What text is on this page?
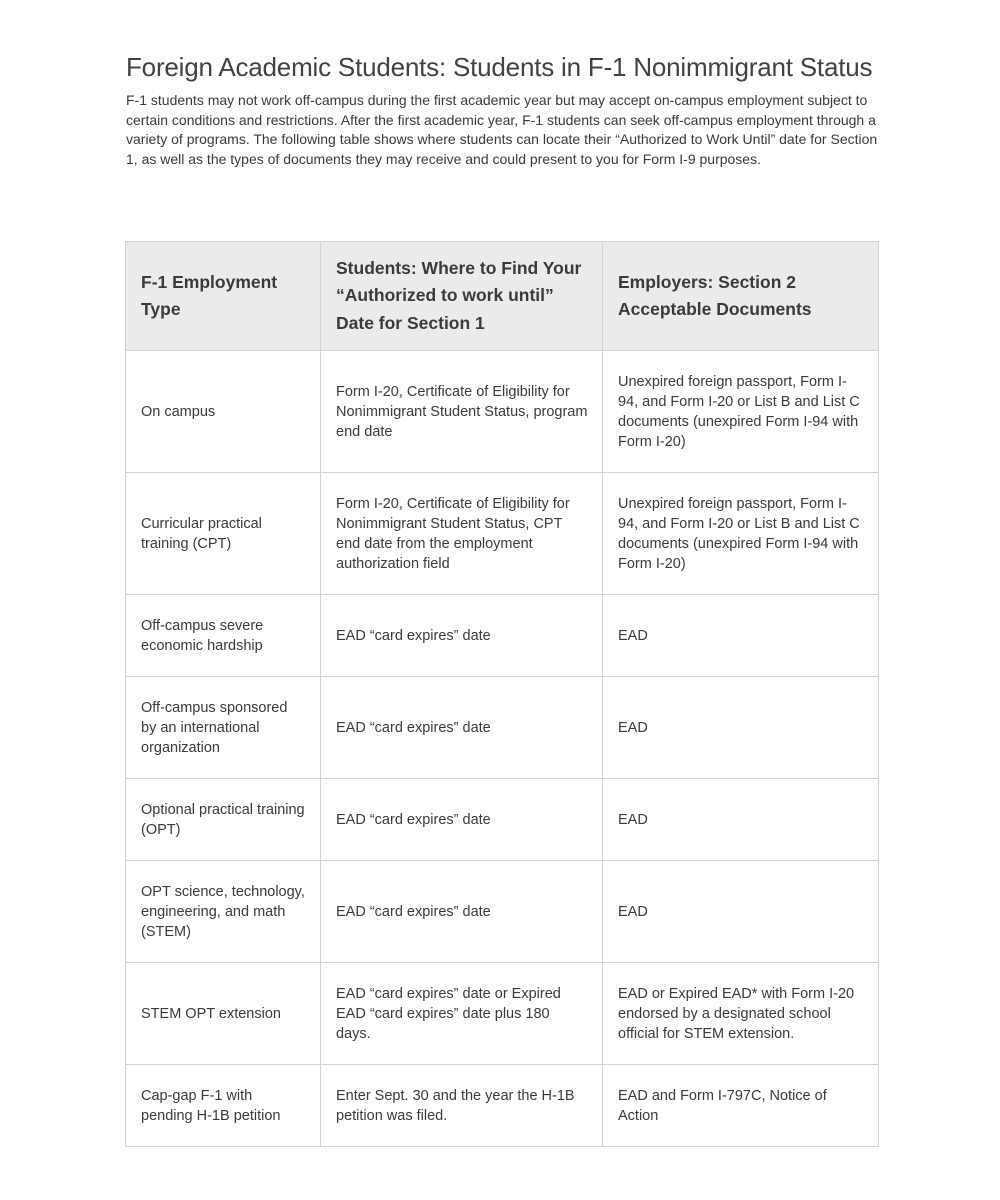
Foreign Academic Students: Students in F-1 Nonimmigrant Status

F-1 students may not work off-campus during the first academic year but may accept on-campus employment subject to certain conditions and restrictions. After the first academic year, F-1 students can seek off-campus employment through a variety of programs. The following table shows where students can locate their “Authorized to Work Until” date for Section 1, as well as the types of documents they may receive and could present to you for Form I-9 purposes.

F-1 Employment Type	Students: Where to Find Your “Authorized to work until” Date for Section 1	Employers: Section 2 Acceptable Documents
On campus	Form I-20, Certificate of Eligibility for Nonimmigrant Student Status, program end date	Unexpired foreign passport, Form I-94, and Form I-20 or List B and List C documents (unexpired Form I-94 with Form I-20)
Curricular practical training (CPT)	Form I-20, Certificate of Eligibility for Nonimmigrant Student Status, CPT end date from the employment authorization field	Unexpired foreign passport, Form I-94, and Form I-20 or List B and List C documents (unexpired Form I-94 with Form I-20)
Off-campus severe economic hardship	EAD “card expires” date	EAD
Off-campus sponsored by an international organization	EAD “card expires” date	EAD
Optional practical training (OPT)	EAD “card expires” date	EAD
OPT science, technology, engineering, and math (STEM)	EAD “card expires” date	EAD
STEM OPT extension	EAD “card expires” date or Expired EAD “card expires” date plus 180 days.	EAD or Expired EAD* with Form I-20 endorsed by a designated school official for STEM extension.
Cap-gap F-1 with pending H-1B petition	Enter Sept. 30 and the year the H-1B petition was filed.	EAD and Form I-797C, Notice of Action
